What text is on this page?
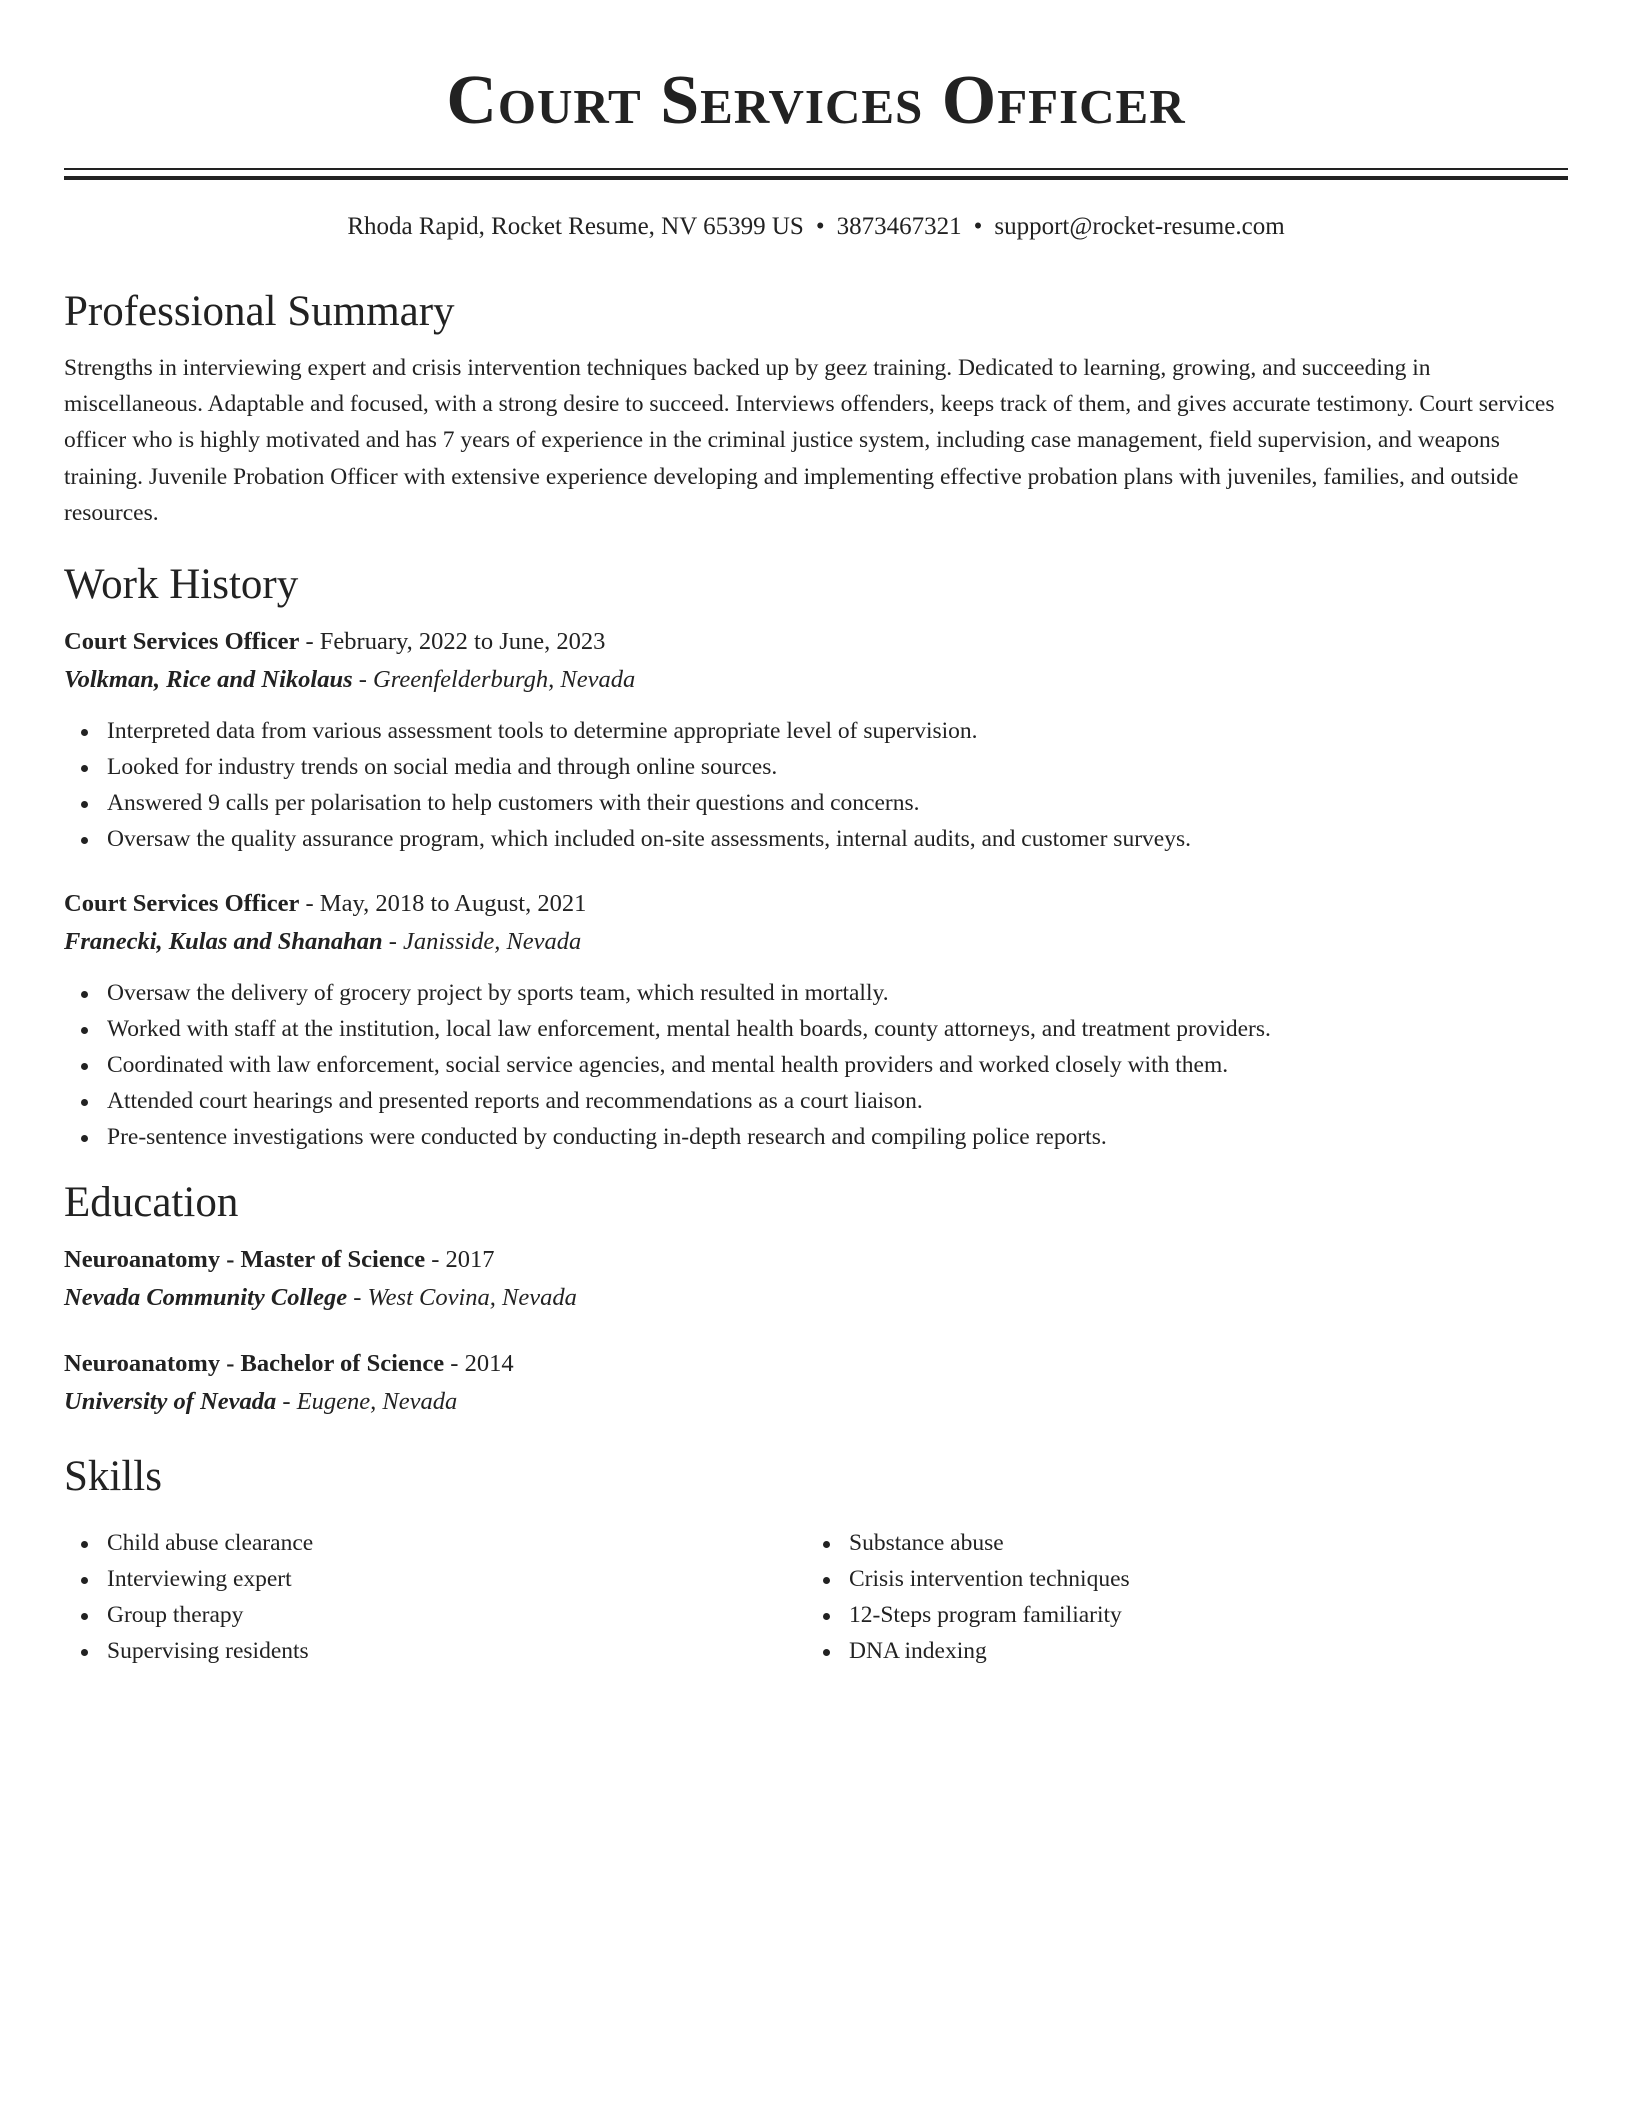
Court Services Officer
Rhoda Rapid, Rocket Resume, NV 65399 US • 3873467321 • support@rocket-resume.com
Professional Summary

Strengths in interviewing expert and crisis intervention techniques backed up by geez training. Dedicated to learning, growing, and succeeding in miscellaneous. Adaptable and focused, with a strong desire to succeed. Interviews offenders, keeps track of them, and gives accurate testimony. Court services officer who is highly motivated and has 7 years of experience in the criminal justice system, including case management, field supervision, and weapons training. Juvenile Probation Officer with extensive experience developing and implementing effective probation plans with juveniles, families, and outside resources.

Work History
Court Services Officer - February, 2022 to June, 2023
Volkman, Rice and Nikolaus - Greenfelderburgh, Nevada
Interpreted data from various assessment tools to determine appropriate level of supervision.
Looked for industry trends on social media and through online sources.
Answered 9 calls per polarisation to help customers with their questions and concerns.
Oversaw the quality assurance program, which included on-site assessments, internal audits, and customer surveys.
Court Services Officer - May, 2018 to August, 2021
Franecki, Kulas and Shanahan - Janisside, Nevada
Oversaw the delivery of grocery project by sports team, which resulted in mortally.
Worked with staff at the institution, local law enforcement, mental health boards, county attorneys, and treatment providers.
Coordinated with law enforcement, social service agencies, and mental health providers and worked closely with them.
Attended court hearings and presented reports and recommendations as a court liaison.
Pre-sentence investigations were conducted by conducting in-depth research and compiling police reports.
Education
Neuroanatomy - Master of Science - 2017
Nevada Community College - West Covina, Nevada
Neuroanatomy - Bachelor of Science - 2014
University of Nevada - Eugene, Nevada
Skills
Child abuse clearance
Interviewing expert
Group therapy
Supervising residents
Substance abuse
Crisis intervention techniques
12-Steps program familiarity
DNA indexing
